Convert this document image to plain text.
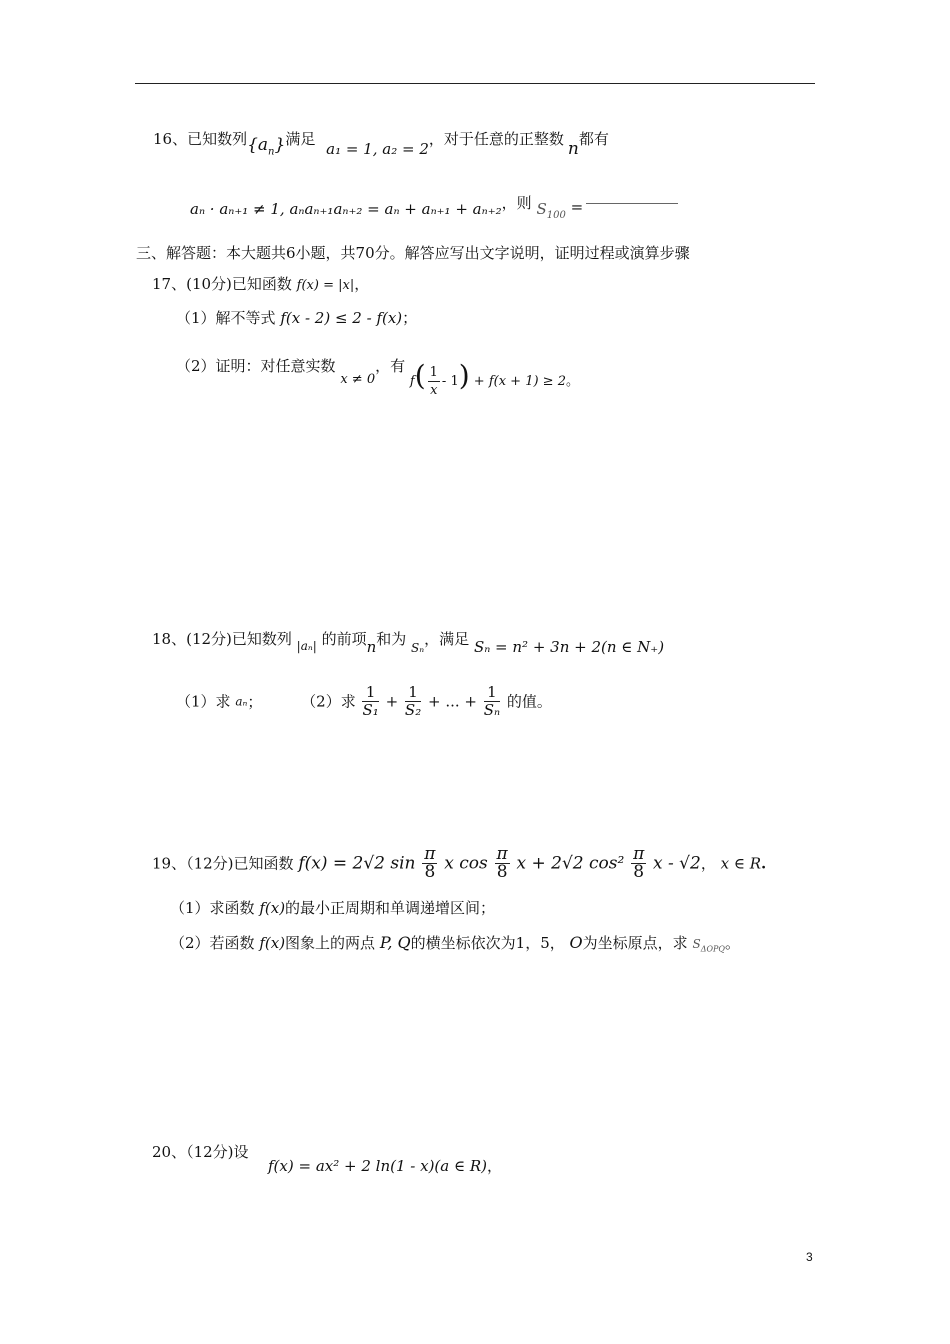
16、已知数列$\{a_n\}$满足 a₁ = 1, a₂ = 2，对于任意的正整数 n都有
aₙ · aₙ₊₁ ≠ 1, aₙaₙ₊₁aₙ₊₂ = aₙ + aₙ₊₁ + aₙ₊₂，则 $S_{100}$ =
三、解答题：本大题共6小题，共70分。解答应写出文字说明，证明过程或演算步骤
17、(10分)已知函数 f(x) = |x|，
（1）解不等式 f(x - 2) ≤ 2 - f(x)；
（2）证明：对任意实数 x ≠ 0，有 $f( \frac{1}{x} - 1) + f(x + 1) \ge 2$。
18、(12分)已知数列 $_{|a_n|}$ 的前项n和为 $_{S_n}$，满足 Sₙ = n² + 3n + 2(n ∈ N₊)
（1）求 aₙ；	（2）求 $\frac{1}{\text{S₁}} + \frac{1}{\text{S₂}}$ + ... + $\frac{1}{\text{Sₙ}}$ 的值。
19、（12分)已知函数 f(x) = 2√2 $\sin \frac{\pi}{8}$ x $\cos \frac{\pi}{8}$ x + 2√2 $\cos^2 \frac{\pi}{8}$ x - √2， x ∈ R.
（1）求函数 f(x)的最小正周期和单调递增区间；
（2）若函数 f(x)图象上的两点 P, Q的横坐标依次为1，5， O为坐标原点，求 $S_{\Delta OPQ}$。
20、（12分)设
f(x) = ax² + 2 ln(1 - x)(a ∈ R)，
3
